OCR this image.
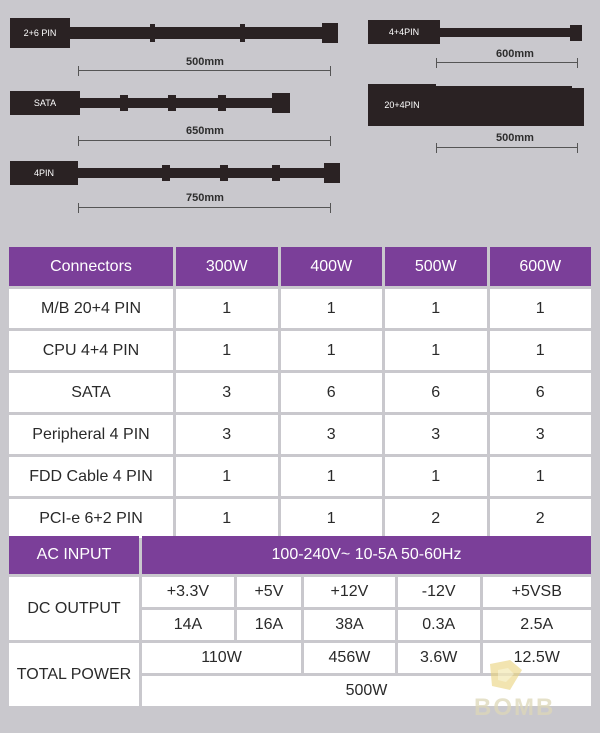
2+6 PIN
500mm
SATA
650mm
4PIN
750mm
4+4PIN
600mm
20+4PIN
500mm
Connectors	300W	400W	500W	600W
M/B 20+4 PIN	1	1	1	1
CPU 4+4 PIN	1	1	1	1
SATA	3	6	6	6
Peripheral 4 PIN	3	3	3	3
FDD Cable 4 PIN	1	1	1	1
PCI-e 6+2 PIN	1	1	2	2
AC INPUT	100-240V~ 10-5A 50-60Hz				
DC OUTPUT	+3.3V	+5V	+12V	-12V	+5VSB
	14A	16A	38A	0.3A	2.5A
TOTAL POWER	110W		456W	3.6W	12.5W
	500W				
BOMB
